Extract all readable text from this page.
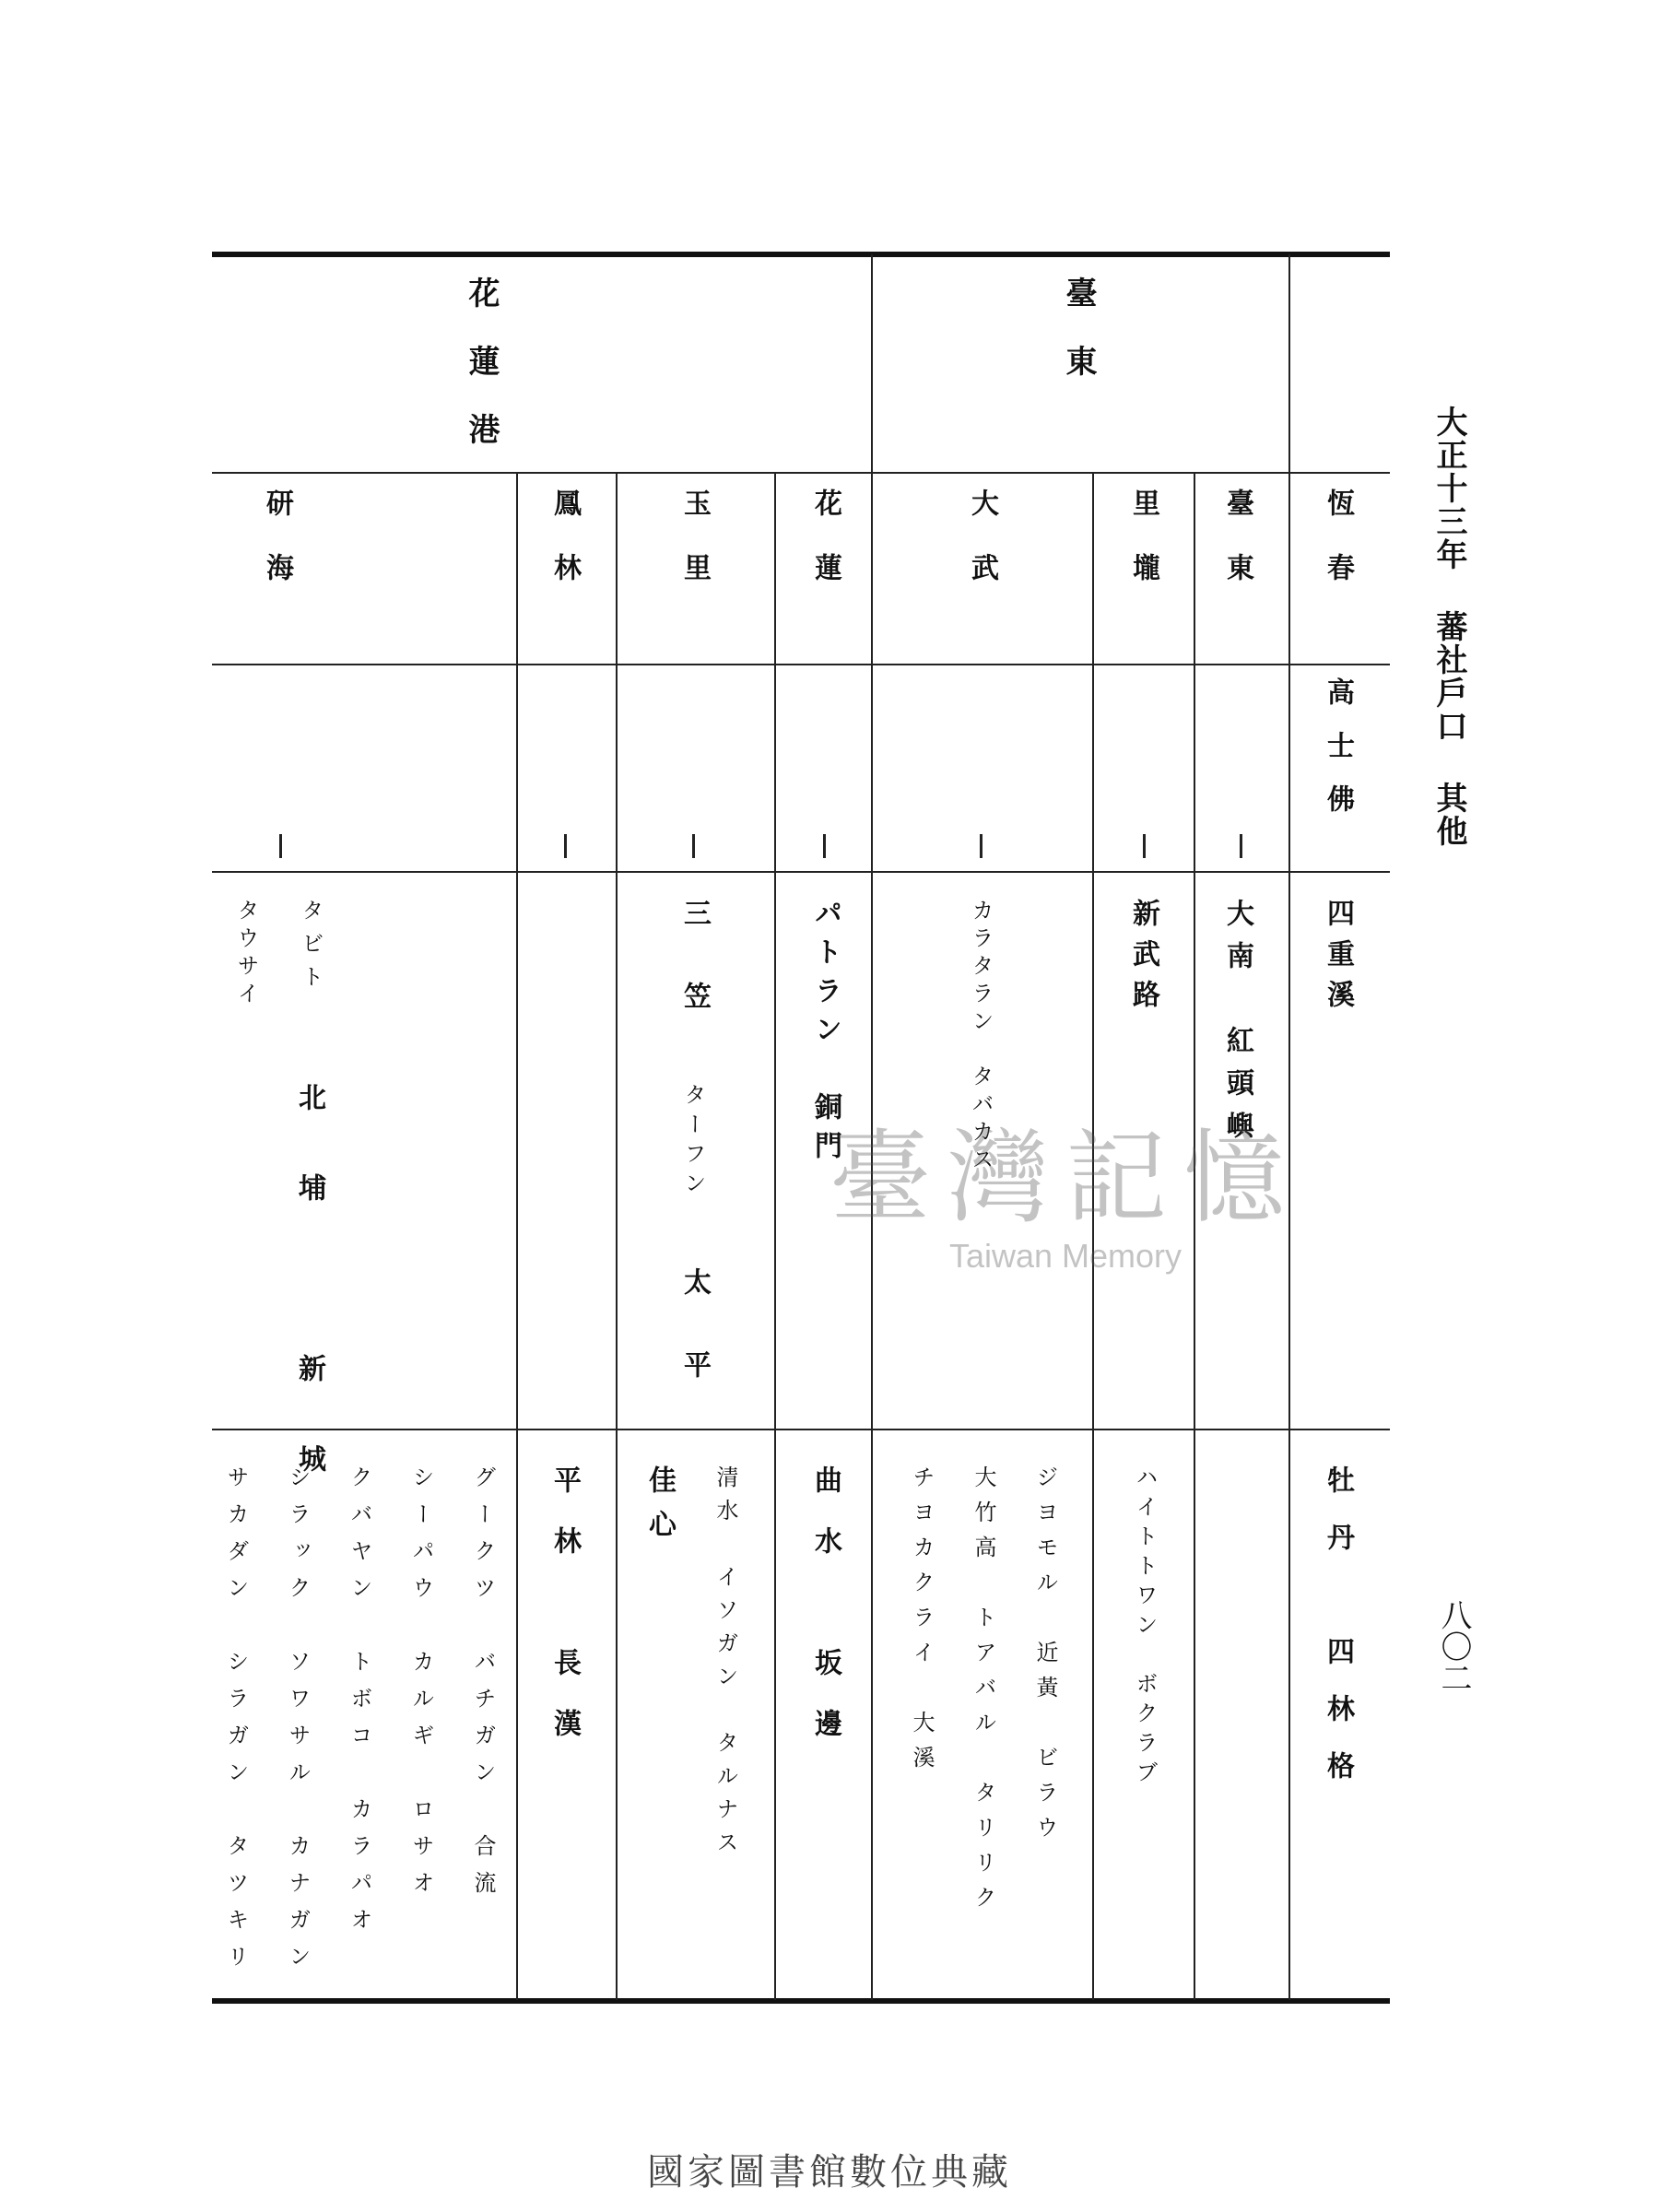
花蓮港	臺東
恆春
臺東
里壠
大武
花蓮
玉里
鳳林
研海
高士佛
四重溪
大南　紅頭嶼
新武路
カラタラン　タバカス
パトラン　銅門
三笠
ターフン
太平
タビト
タウサイ
北埔　新城
牡丹　四林格
ハイトトワン　ボクラブ
ジヨモル　近黃　ビラウ
大竹高　トアバル　タリリク
チヨカクライ　大溪
曲水　坂邊
清水　イソガン　タルナス
佳心
平林　長漢
グークツ　バチガン　合流
シーパウ　カルギ　ロサオ
クバヤン　トボコ　カラパオ
シラック　ソワサル　カナガン
サカダン　シラガン　タツキリ
大正十三年 蕃社戶口 其他
八〇二
臺灣記憶
Taiwan Memory
國家圖書館數位典藏
